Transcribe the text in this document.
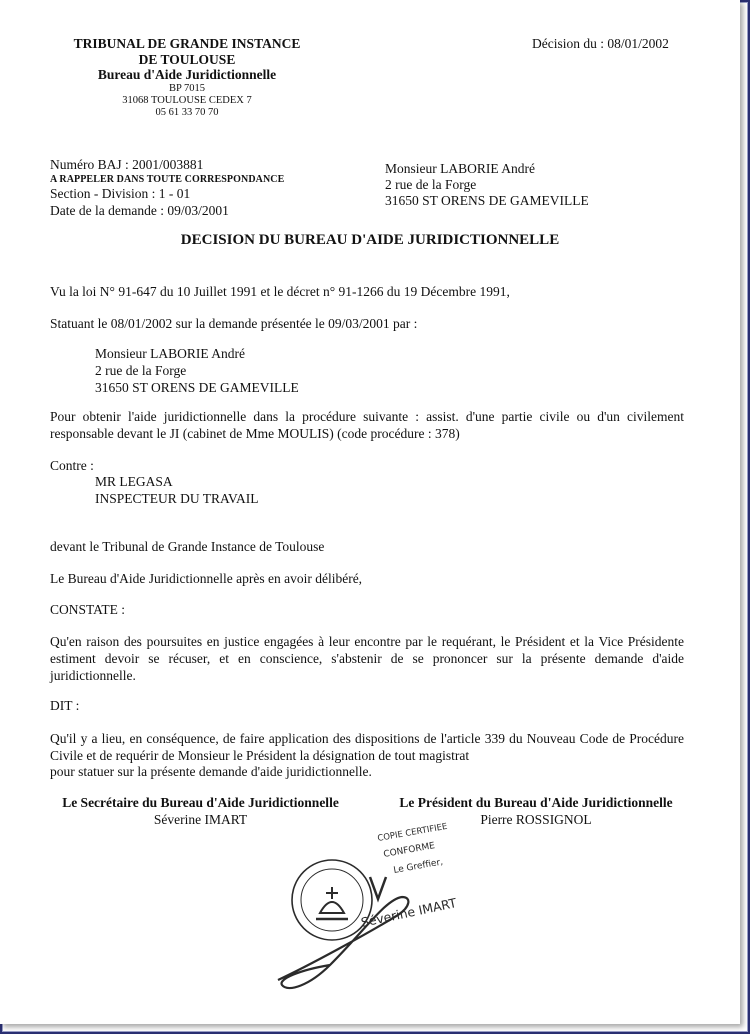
TRIBUNAL DE GRANDE INSTANCE
DE TOULOUSE
Bureau d'Aide Juridictionnelle
BP 7015
31068 TOULOUSE CEDEX 7
05 61 33 70 70
Décision du : 08/01/2002
Numéro BAJ : 2001/003881
A RAPPELER DANS TOUTE CORRESPONDANCE
Section - Division : 1 - 01
Date de la demande : 09/03/2001
Monsieur LABORIE André
2 rue de la Forge
31650 ST ORENS DE GAMEVILLE
DECISION DU BUREAU D'AIDE JURIDICTIONNELLE
Vu la loi N° 91-647 du 10 Juillet 1991 et le décret n° 91-1266 du 19 Décembre 1991,
Statuant le 08/01/2002 sur la demande présentée le 09/03/2001 par :
Monsieur LABORIE André
2 rue de la Forge
31650 ST ORENS DE GAMEVILLE
Pour obtenir l'aide juridictionnelle dans la procédure suivante : assist. d'une partie civile ou d'un civilement responsable devant le JI (cabinet de Mme MOULIS) (code procédure : 378)
Contre :
MR LEGASA
INSPECTEUR DU TRAVAIL
devant le Tribunal de Grande Instance de Toulouse
Le Bureau d'Aide Juridictionnelle après en avoir délibéré,
CONSTATE :
Qu'en raison des poursuites en justice engagées à leur encontre par le requérant, le Président et la Vice Présidente estiment devoir se récuser, et en conscience, s'abstenir de se prononcer sur la présente demande d'aide juridictionnelle.
DIT :
Qu'il y a lieu, en conséquence, de faire application des dispositions de l'article 339 du Nouveau Code de Procédure Civile et de requérir de Monsieur le Président la désignation de tout magistrat
pour statuer sur la présente demande d'aide juridictionnelle.
Le Secrétaire du Bureau d'Aide Juridictionnelle
Séverine IMART
Le Président du Bureau d'Aide Juridictionnelle
Pierre ROSSIGNOL
COPIE CERTIFIEE
CONFORME
Le Greffier,
Séverine IMART
